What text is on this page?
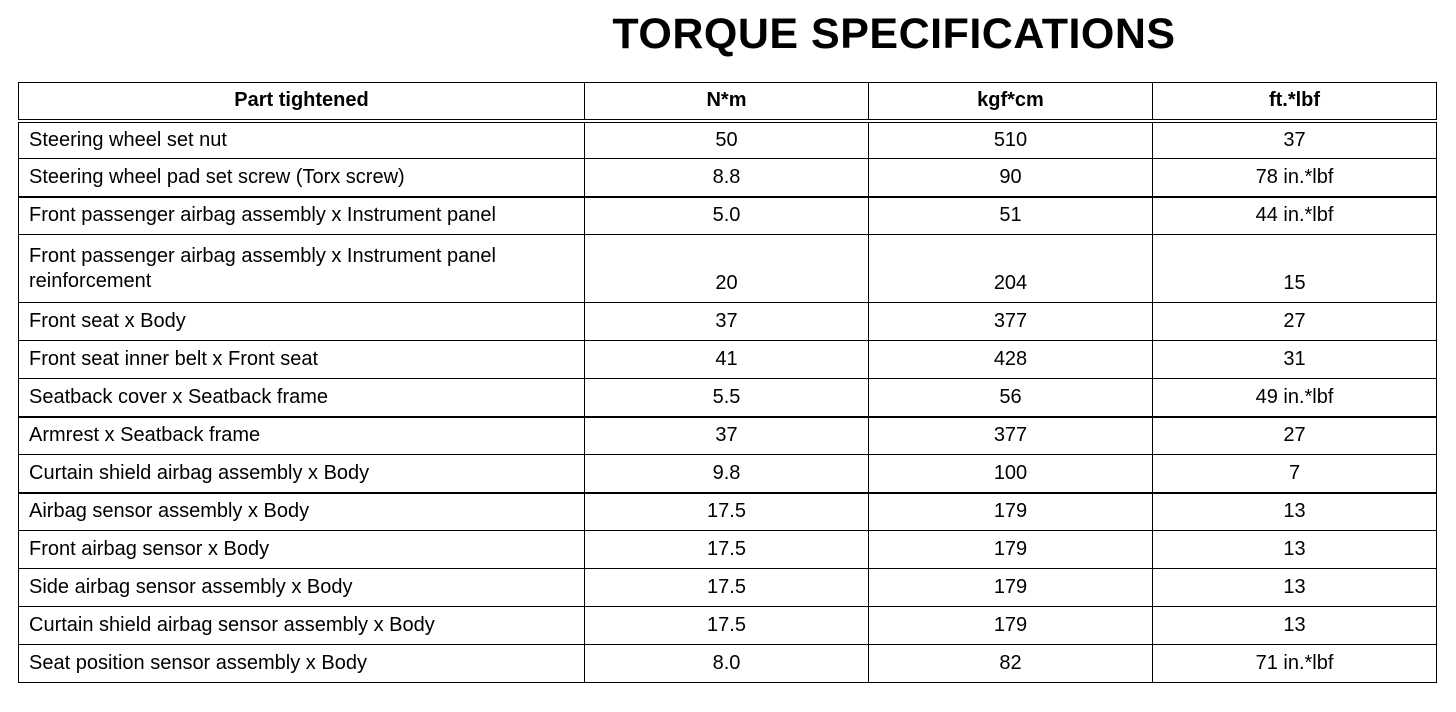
TORQUE SPECIFICATIONS
Part tightened	N*m	kgf*cm	ft.*lbf
Steering wheel set nut	50	510	37
Steering wheel pad set screw (Torx screw)	8.8	90	78 in.*lbf
Front passenger airbag assembly x Instrument panel	5.0	51	44 in.*lbf
Front passenger airbag assembly x Instrument panel reinforcement	20	204	15
Front seat x Body	37	377	27
Front seat inner belt x Front seat	41	428	31
Seatback cover x Seatback frame	5.5	56	49 in.*lbf
Armrest x Seatback frame	37	377	27
Curtain shield airbag assembly x Body	9.8	100	7
Airbag sensor assembly x Body	17.5	179	13
Front airbag sensor x Body	17.5	179	13
Side airbag sensor assembly x Body	17.5	179	13
Curtain shield airbag sensor assembly x Body	17.5	179	13
Seat position sensor assembly x Body	8.0	82	71 in.*lbf
